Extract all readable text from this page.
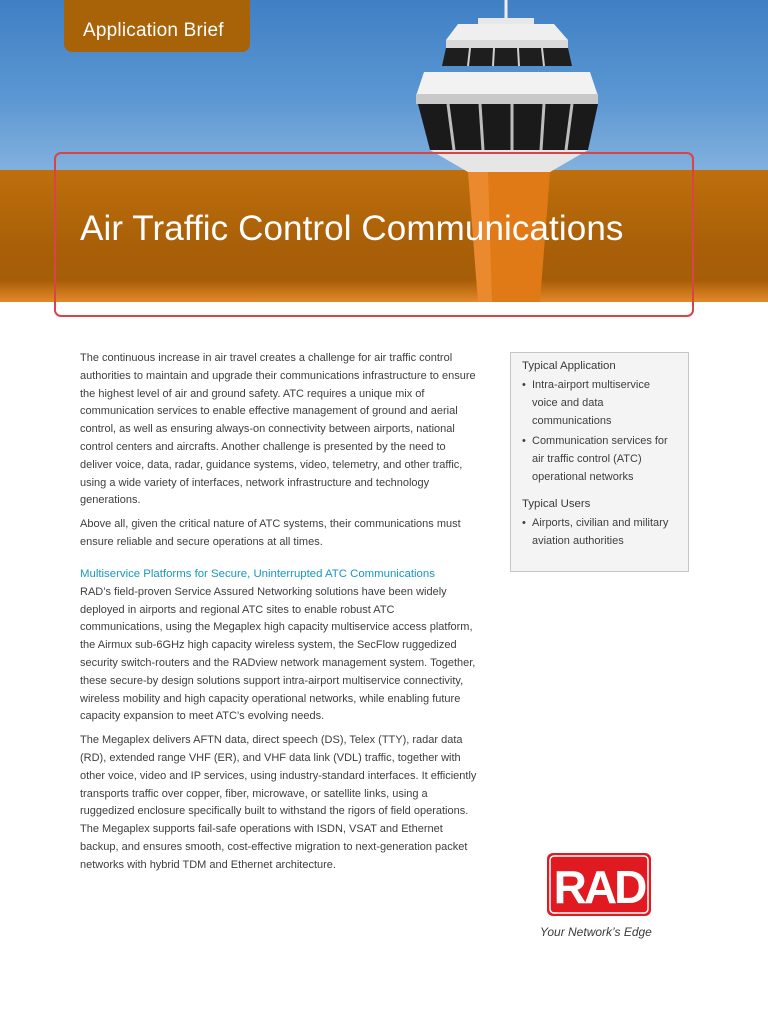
Application Brief
Air Traffic Control Communications

The continuous increase in air travel creates a challenge for air traffic control authorities to maintain and upgrade their communications infrastructure to ensure the highest level of air and ground safety. ATC requires a unique mix of communication services to enable effective management of ground and aerial control, as well as ensuring always-on connectivity between airports, national control centers and aircrafts. Another challenge is presented by the need to deliver voice, data, radar, guidance systems, video, telemetry, and other traffic, using a wide variety of interfaces, network infrastructure and technology generations.

Above all, given the critical nature of ATC systems, their communications must ensure reliable and secure operations at all times.

Multiservice Platforms for Secure, Uninterrupted ATC Communications

RAD’s field-proven Service Assured Networking solutions have been widely deployed in airports and regional ATC sites to enable robust ATC communications, using the Megaplex high capacity multiservice access platform, the Airmux sub-6GHz high capacity wireless system, the SecFlow ruggedized security switch-routers and the RADview network management system. Together, these secure-by design solutions support intra-airport multiservice connectivity, wireless mobility and high capacity operational networks, while enabling future capacity expansion to meet ATC’s evolving needs.

The Megaplex delivers AFTN data, direct speech (DS), Telex (TTY), radar data (RD), extended range VHF (ER), and VHF data link (VDL) traffic, together with other voice, video and IP services, using industry-standard interfaces. It efficiently transports traffic over copper, fiber, microwave, or satellite links, using a ruggedized enclosure specifically built to withstand the rigors of field operations. The Megaplex supports fail-safe operations with ISDN, VSAT and Ethernet backup, and ensures smooth, cost-effective migration to next-generation packet networks with hybrid TDM and Ethernet architecture.

Typical Application
• Intra-airport multiservice voice and data communications
• Communication services for air traffic control (ATC) operational networks
Typical Users
• Airports, civilian and military aviation authorities
RAD
Your Network’s Edge
